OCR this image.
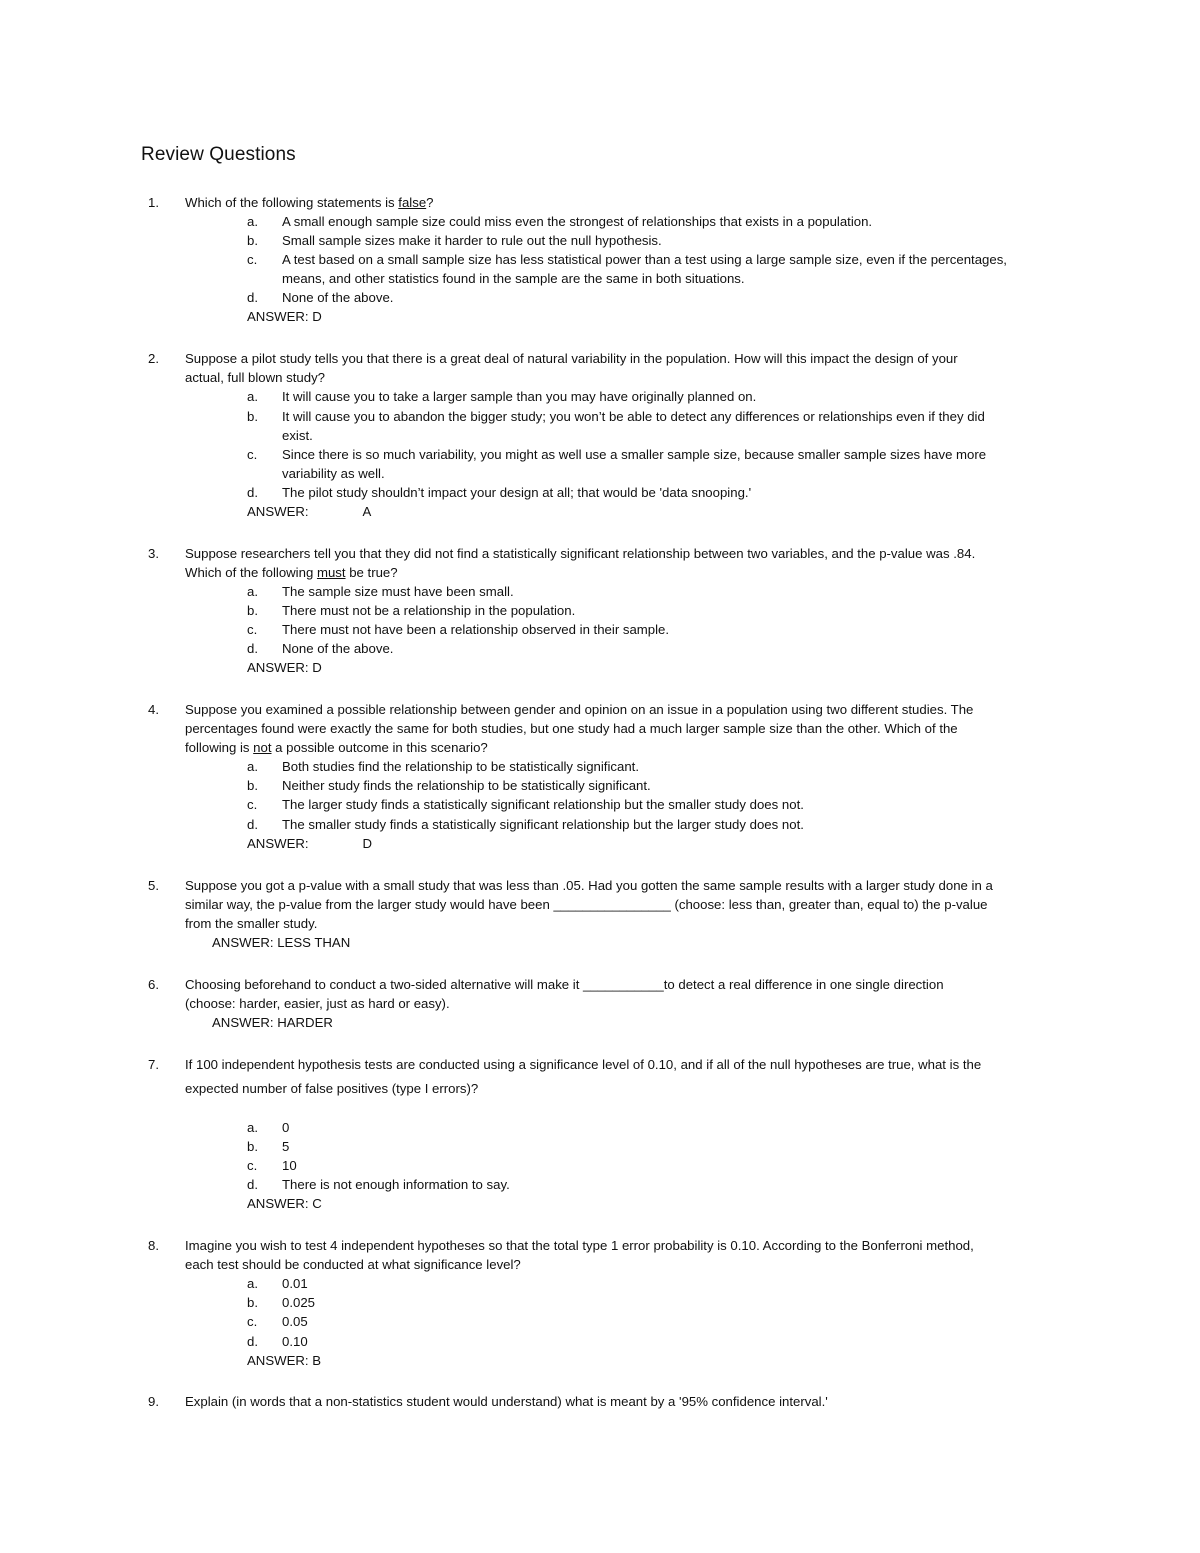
Review Questions
1. Which of the following statements is false?
a. A small enough sample size could miss even the strongest of relationships that exists in a population.
b. Small sample sizes make it harder to rule out the null hypothesis.
c. A test based on a small sample size has less statistical power than a test using a large sample size, even if the percentages,
means, and other statistics found in the sample are the same in both situations.
d. None of the above.
ANSWER: D
2. Suppose a pilot study tells you that there is a great deal of natural variability in the population. How will this impact the design of your
actual, full blown study?
a. It will cause you to take a larger sample than you may have originally planned on.
b. It will cause you to abandon the bigger study; you won’t be able to detect any differences or relationships even if they did
exist.
c. Since there is so much variability, you might as well use a smaller sample size, because smaller sample sizes have more
variability as well.
d. The pilot study shouldn’t impact your design at all; that would be 'data snooping.'
ANSWER:	A
3. Suppose researchers tell you that they did not find a statistically significant relationship between two variables, and the p-value was .84.
Which of the following must be true?
a. The sample size must have been small.
b. There must not be a relationship in the population.
c. There must not have been a relationship observed in their sample.
d. None of the above.
ANSWER: D
4. Suppose you examined a possible relationship between gender and opinion on an issue in a population using two different studies. The
percentages found were exactly the same for both studies, but one study had a much larger sample size than the other. Which of the
following is not a possible outcome in this scenario?
a. Both studies find the relationship to be statistically significant.
b. Neither study finds the relationship to be statistically significant.
c. The larger study finds a statistically significant relationship but the smaller study does not.
d. The smaller study finds a statistically significant relationship but the larger study does not.
ANSWER:	D
5. Suppose you got a p-value with a small study that was less than .05. Had you gotten the same sample results with a larger study done in a
similar way, the p-value from the larger study would have been ________________ (choose: less than, greater than, equal to) the p-value
from the smaller study.
ANSWER: LESS THAN
6. Choosing beforehand to conduct a two-sided alternative will make it ___________to detect a real difference in one single direction
(choose: harder, easier, just as hard or easy).
ANSWER: HARDER
7. If 100 independent hypothesis tests are conducted using a significance level of 0.10, and if all of the null hypotheses are true, what is the
expected number of false positives (type I errors)?
a. 0
b. 5
c. 10
d. There is not enough information to say.
ANSWER: C
8. Imagine you wish to test 4 independent hypotheses so that the total type 1 error probability is 0.10. According to the Bonferroni method,
each test should be conducted at what significance level?
a. 0.01
b. 0.025
c. 0.05
d. 0.10
ANSWER: B
9. Explain (in words that a non-statistics student would understand) what is meant by a '95% confidence interval.'
